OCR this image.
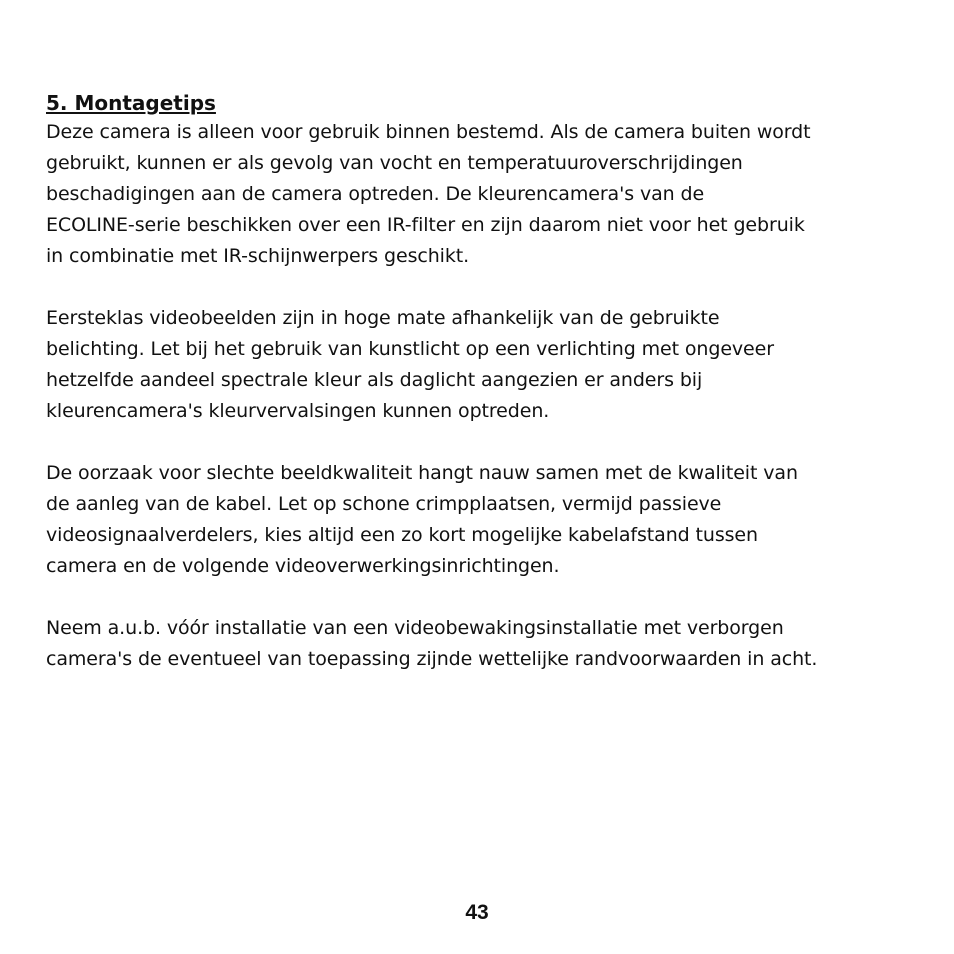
5. Montagetips

Deze camera is alleen voor gebruik binnen bestemd. Als de camera buiten wordt
gebruikt, kunnen er als gevolg van vocht en temperatuuroverschrijdingen
beschadigingen aan de camera optreden. De kleurencamera's van de
ECOLINE-serie beschikken over een IR-filter en zijn daarom niet voor het gebruik
in combinatie met IR-schijnwerpers geschikt.

Eersteklas videobeelden zijn in hoge mate afhankelijk van de gebruikte
belichting. Let bij het gebruik van kunstlicht op een verlichting met ongeveer
hetzelfde aandeel spectrale kleur als daglicht aangezien er anders bij
kleurencamera's kleurvervalsingen kunnen optreden.

De oorzaak voor slechte beeldkwaliteit hangt nauw samen met de kwaliteit van
de aanleg van de kabel. Let op schone crimpplaatsen, vermijd passieve
videosignaalverdelers, kies altijd een zo kort mogelijke kabelafstand tussen
camera en de volgende videoverwerkingsinrichtingen.

Neem a.u.b. vóór installatie van een videobewakingsinstallatie met verborgen
camera's de eventueel van toepassing zijnde wettelijke randvoorwaarden in acht.

43
